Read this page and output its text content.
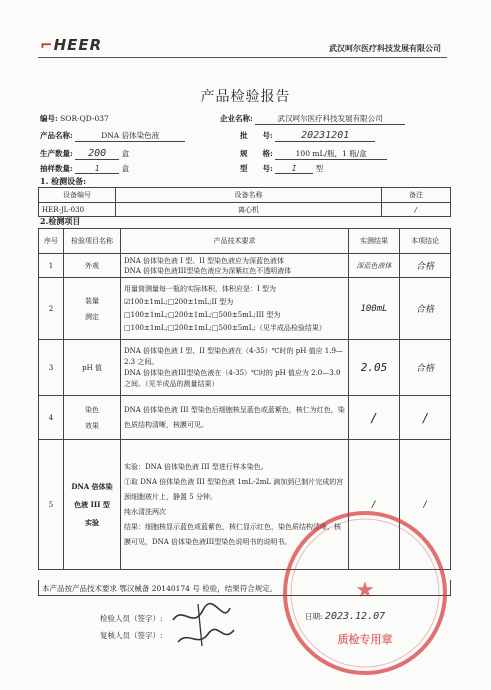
⌐HEER	武汉呵尔医疗科技发展有限公司
产品检验报告
编号: SOR-QD-037	企业名称:	武汉呵尔医疗科技发展有限公司
产品名称:	DNA 倍体染色液	批　　号:	20231201
生产数量: 200 盒	规　　格:	100 mL/瓶，1 瓶/盒
抽样数量:	1	盒	型　　号:	I	型
1. 检测设备:
设备编号	设备名称	备注
HER-JL-030	离心机	/
2.检测项目
序号	检验项目名称	产品技术要求	实测结果	本项结论
1	外观	DNA 倍体染色液 I 型、II 型染色液应为深蓝色液体
DNA 倍体染色液III型染色液应为深紫红色不透明液体	深蓝色液体	合格
2	装量
测定	用量筒测量每一瓶的实际体积，体积应是：I 型为☑100±1mL;□200±1mL;II 型为□100±1mL;□200±1mL;□500±5mL;III 型为□100±1mL;□200±1mL;□500±5mL;（见半成品检验结果）	100mL	合格
3	pH 值	DNA 倍体染色液 I 型、II 型染色液在（4-35）℃时的 pH 值应 1.9—2.3 之间。
DNA 倍体染色液III型染色液在（4-35）℃时的 pH 值应为 2.0—3.0 之间。（见半成品的测量结果）	2.05	合格
4	染色
效果	DNA 倍体染色液 III 型染色后细胞核呈蓝色或蓝紫色，核仁为红色，染色质结构清晰，核膜可见。	/	/
5	DNA 倍体染
色液 III 型
实验	实验：DNA 倍体染色液 III 型进行样本染色。
①取 DNA 倍体染色液 III 型染色液 1mL-2mL 滴加到已制片完成的宫颈细胞玻片上，静置 5 分钟。
纯水清洗两次
结果：细胞核显示蓝色或蓝紫色，核仁显示红色，染色质结构清晰，核膜可见，DNA 倍体染色液III型染色说明书的说明书。	/	/
本产品按产品技术要求 鄂汉械备 20140174 号 检验，结果符合规定。
检验人员（签字）:
复核人员（签字）:
日期: 2023.12.07
★
质检专用章
